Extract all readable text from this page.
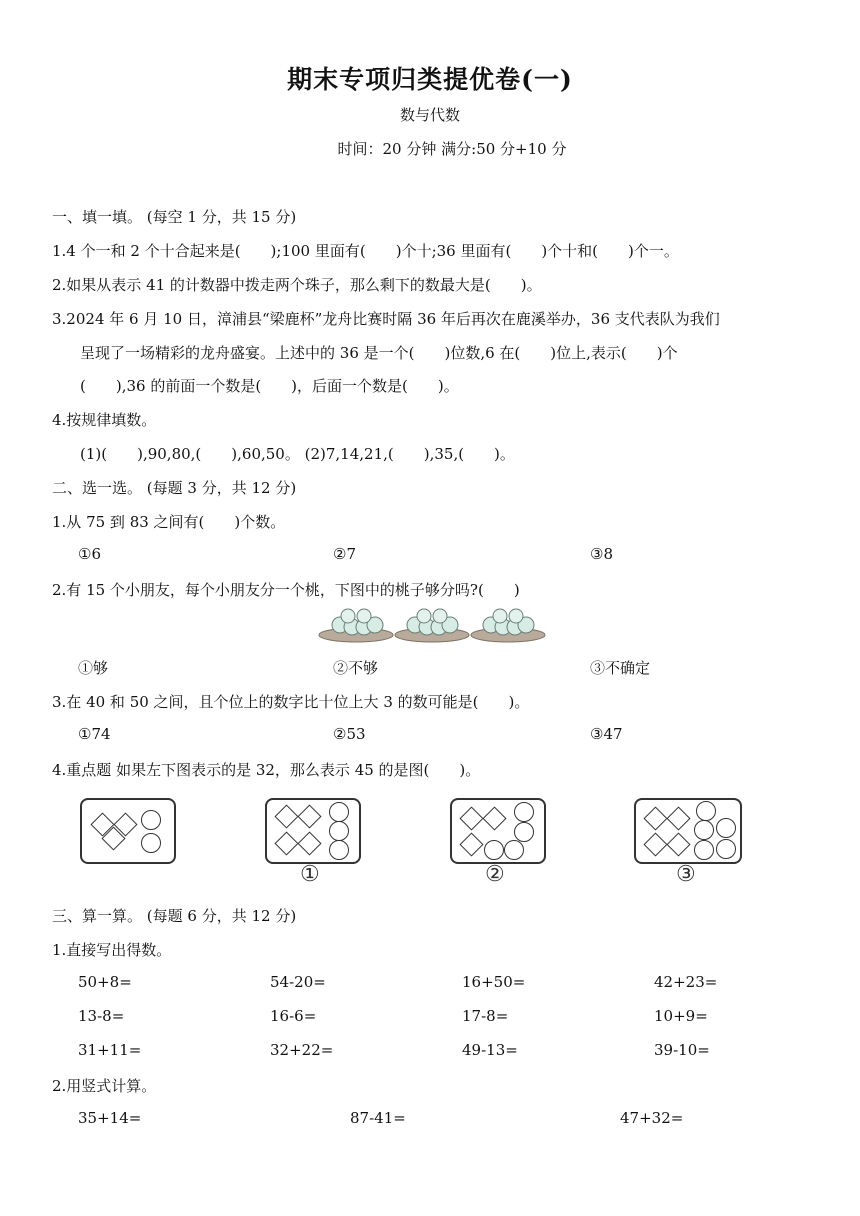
期末专项归类提优卷(一)
数与代数
时间：20 分钟 满分:50 分+10 分
一、填一填。 (每空 1 分，共 15 分)
1.4 个一和 2 个十合起来是(　　);100 里面有(　　)个十;36 里面有(　　)个十和(　　)个一。
2.如果从表示 41 的计数器中拨走两个珠子，那么剩下的数最大是(　　)。
3.2024 年 6 月 10 日，漳浦县“梁鹿杯”龙舟比赛时隔 36 年后再次在鹿溪举办，36 支代表队为我们
呈现了一场精彩的龙舟盛宴。上述中的 36 是一个(　　)位数,6 在(　　)位上,表示(　　)个
(　　),36 的前面一个数是(　　)，后面一个数是(　　)。
4.按规律填数。
(1)(　　),90,80,(　　),60,50。 (2)7,14,21,(　　),35,(　　)。
二、选一选。 (每题 3 分，共 12 分)
1.从 75 到 83 之间有(　　)个数。
①6	②7	③8
2.有 15 个小朋友，每个小朋友分一个桃，下图中的桃子够分吗?(　　)
①够	②不够	③不确定
3.在 40 和 50 之间，且个位上的数字比十位上大 3 的数可能是(　　)。
①74	②53	③47
4.重点题 如果左下图表示的是 32，那么表示 45 的是图(　　)。
①	②	③
三、算一算。 (每题 6 分，共 12 分)
1.直接写出得数。
50+8=	54-20=	16+50=	42+23=
13-8=	16-6=	17-8=	10+9=
31+11=	32+22=	49-13=	39-10=
2.用竖式计算。
35+14=	87-41=	47+32=
